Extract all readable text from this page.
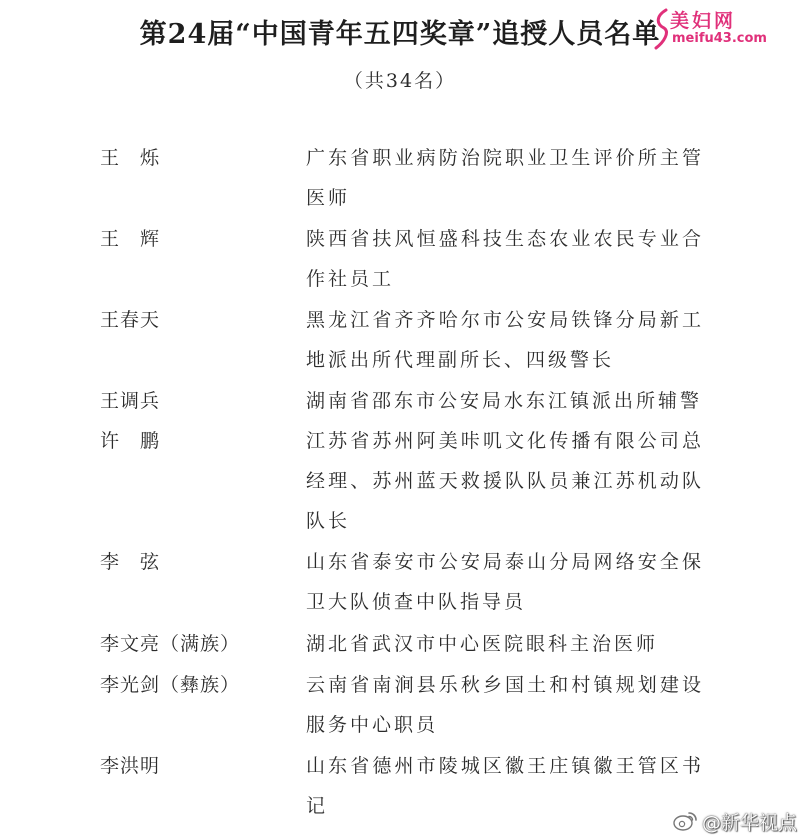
第24届“中国青年五四奖章”追授人员名单
（共34名）
美妇网
meifu43.com
王　烁	广东省职业病防治院职业卫生评价所主管医师
王　辉	陕西省扶风恒盛科技生态农业农民专业合作社员工
王春天	黑龙江省齐齐哈尔市公安局铁锋分局新工地派出所代理副所长、四级警长
王调兵	湖南省邵东市公安局水东江镇派出所辅警
许　鹏	江苏省苏州阿美咔叽文化传播有限公司总经理、苏州蓝天救援队队员兼江苏机动队队长
李　弦	山东省泰安市公安局泰山分局网络安全保卫大队侦查中队指导员
李文亮（满族）	湖北省武汉市中心医院眼科主治医师
李光剑（彝族）	云南省南涧县乐秋乡国土和村镇规划建设服务中心职员
李洪明	山东省德州市陵城区徽王庄镇徽王管区书记
@新华视点
